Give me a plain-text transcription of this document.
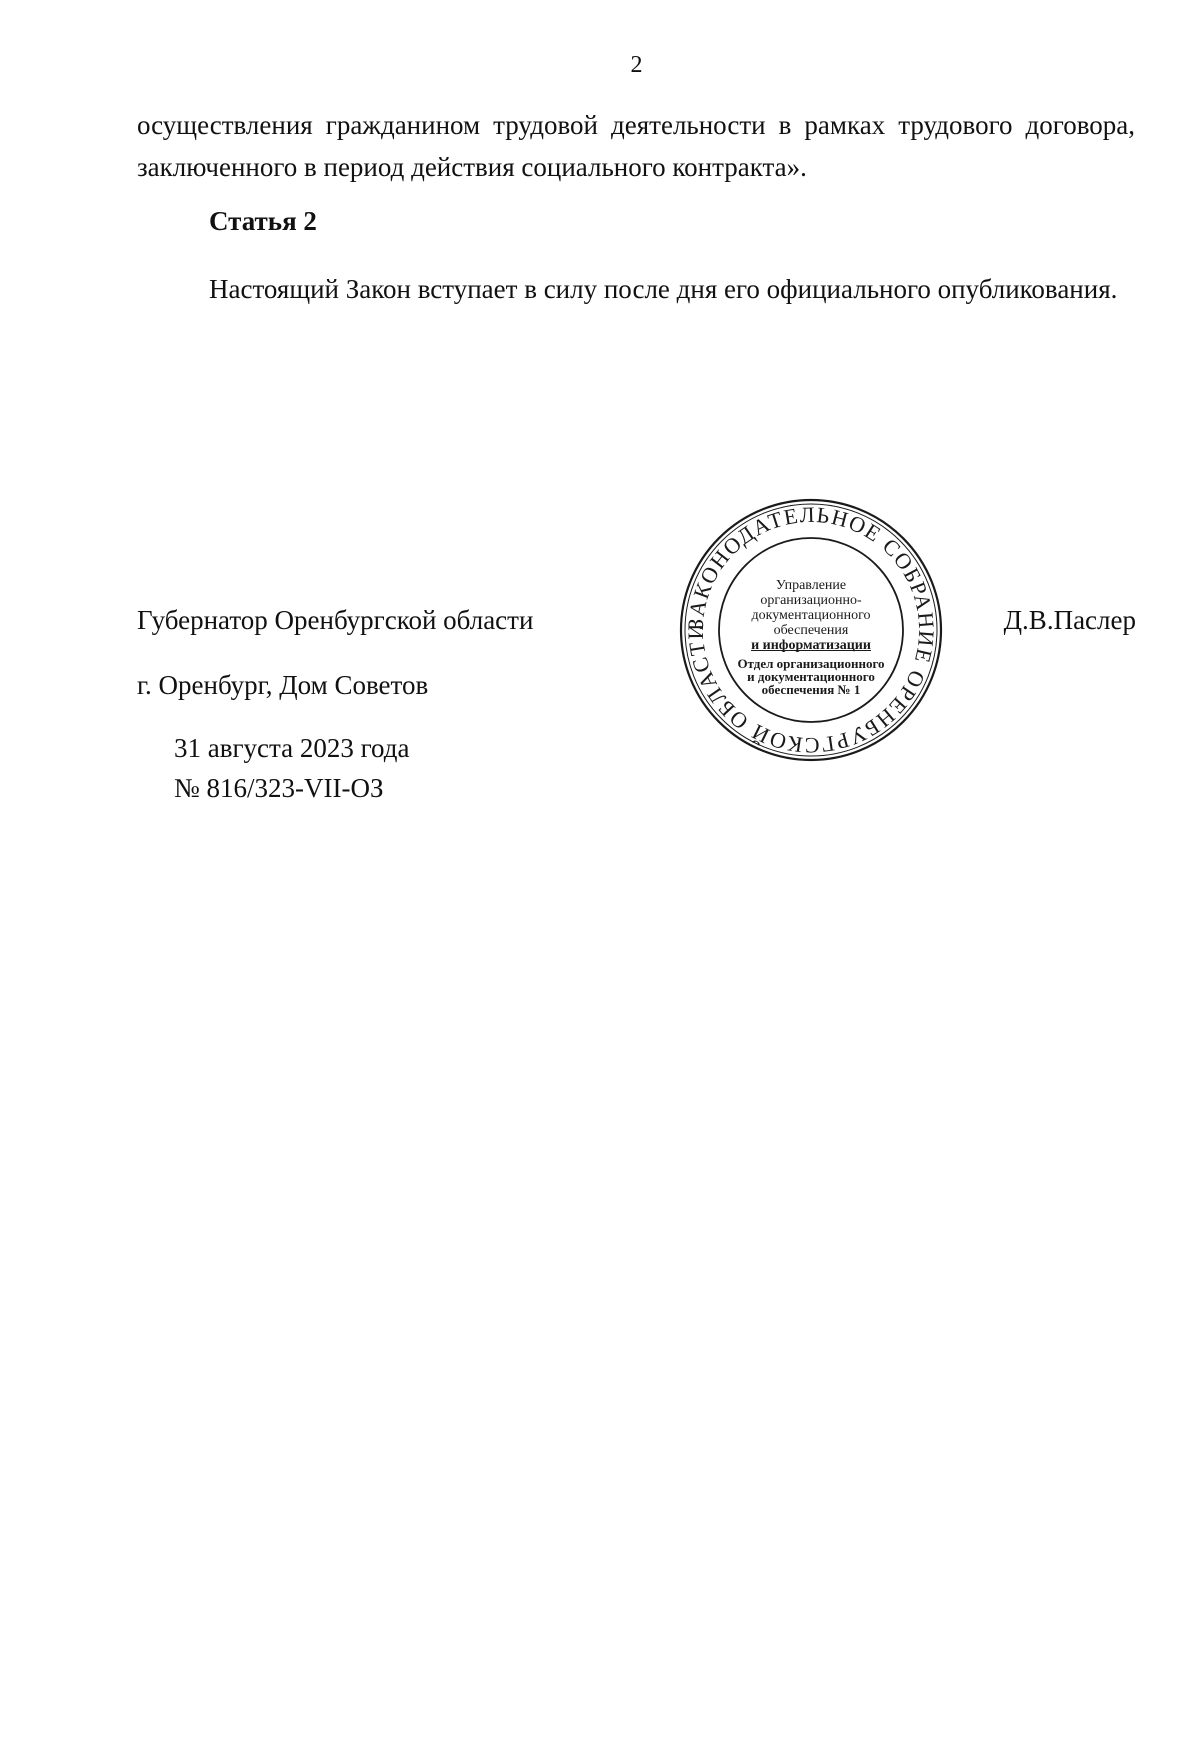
2

осуществления гражданином трудовой деятельности в рамках трудового договора, заключенного в период действия социального контракта».

Статья 2

Настоящий Закон вступает в силу после дня его официального опубликования.

Губернатор Оренбургской области	Д.В.Паслер
г. Оренбург, Дом Советов
31 августа 2023 года
№ 816/323-VII-ОЗ
ЗАКОНОДАТЕЛЬНОЕ СОБРАНИЕ ОРЕНБУРГСКОЙ ОБЛАСТИ
Управление
организационно-
документационного
обеспечения
и информатизации
Отдел организационного
и документационного
обеспечения № 1
